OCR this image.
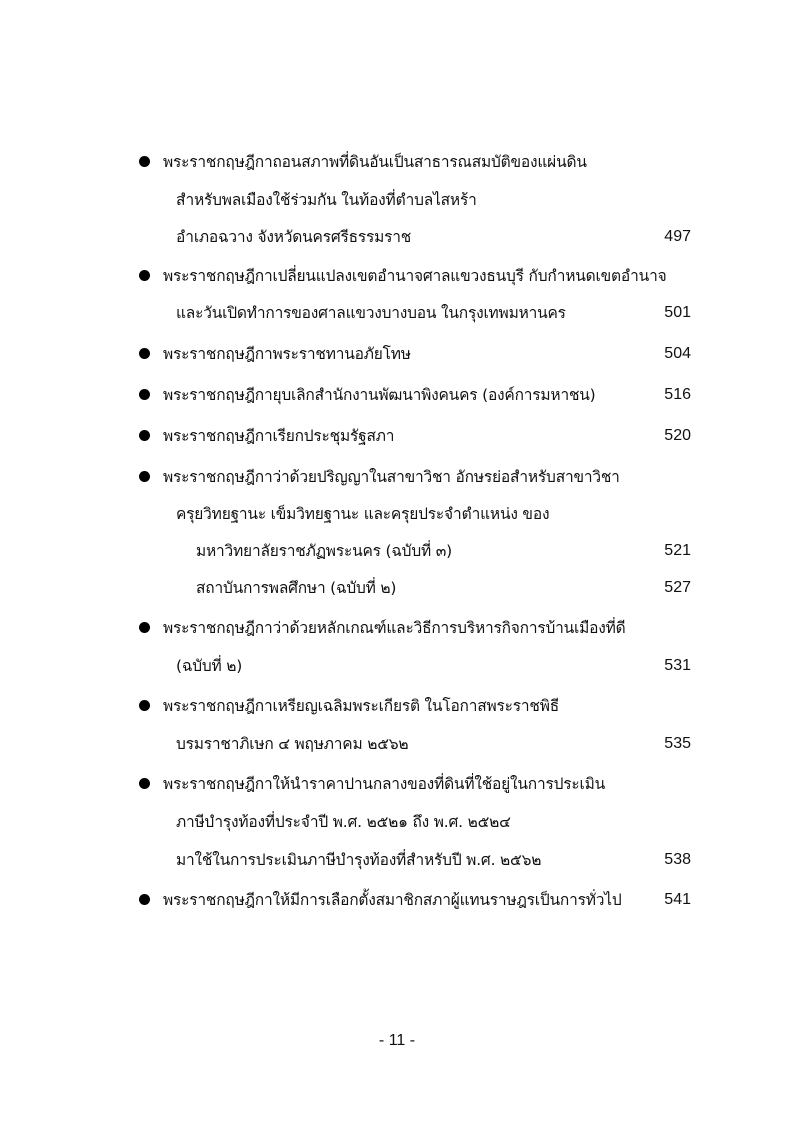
พระราชกฤษฎีกาถอนสภาพที่ดินอันเป็นสาธารณสมบัติของแผ่นดิน
สำหรับพลเมืองใช้ร่วมกัน ในท้องที่ตำบลไสหร้า
อำเภอฉวาง จังหวัดนครศรีธรรมราช	497
พระราชกฤษฎีกาเปลี่ยนแปลงเขตอำนาจศาลแขวงธนบุรี กับกำหนดเขตอำนาจ
และวันเปิดทำการของศาลแขวงบางบอน ในกรุงเทพมหานคร	501
พระราชกฤษฎีกาพระราชทานอภัยโทษ	504
พระราชกฤษฎีกายุบเลิกสำนักงานพัฒนาพิงคนคร (องค์การมหาชน)	516
พระราชกฤษฎีกาเรียกประชุมรัฐสภา	520
พระราชกฤษฎีกาว่าด้วยปริญญาในสาขาวิชา อักษรย่อสำหรับสาขาวิชา
ครุยวิทยฐานะ เข็มวิทยฐานะ และครุยประจำตำแหน่ง ของ
มหาวิทยาลัยราชภัฏพระนคร (ฉบับที่ ๓)	521
สถาบันการพลศึกษา (ฉบับที่ ๒)	527
พระราชกฤษฎีกาว่าด้วยหลักเกณฑ์และวิธีการบริหารกิจการบ้านเมืองที่ดี
(ฉบับที่ ๒)	531
พระราชกฤษฎีกาเหรียญเฉลิมพระเกียรติ ในโอกาสพระราชพิธี
บรมราชาภิเษก ๔ พฤษภาคม ๒๕๖๒	535
พระราชกฤษฎีกาให้นำราคาปานกลางของที่ดินที่ใช้อยู่ในการประเมิน
ภาษีบำรุงท้องที่ประจำปี พ.ศ. ๒๕๒๑ ถึง พ.ศ. ๒๕๒๔
มาใช้ในการประเมินภาษีบำรุงท้องที่สำหรับปี พ.ศ. ๒๕๖๒	538
พระราชกฤษฎีกาให้มีการเลือกตั้งสมาชิกสภาผู้แทนราษฎรเป็นการทั่วไป	541
- 11 -
